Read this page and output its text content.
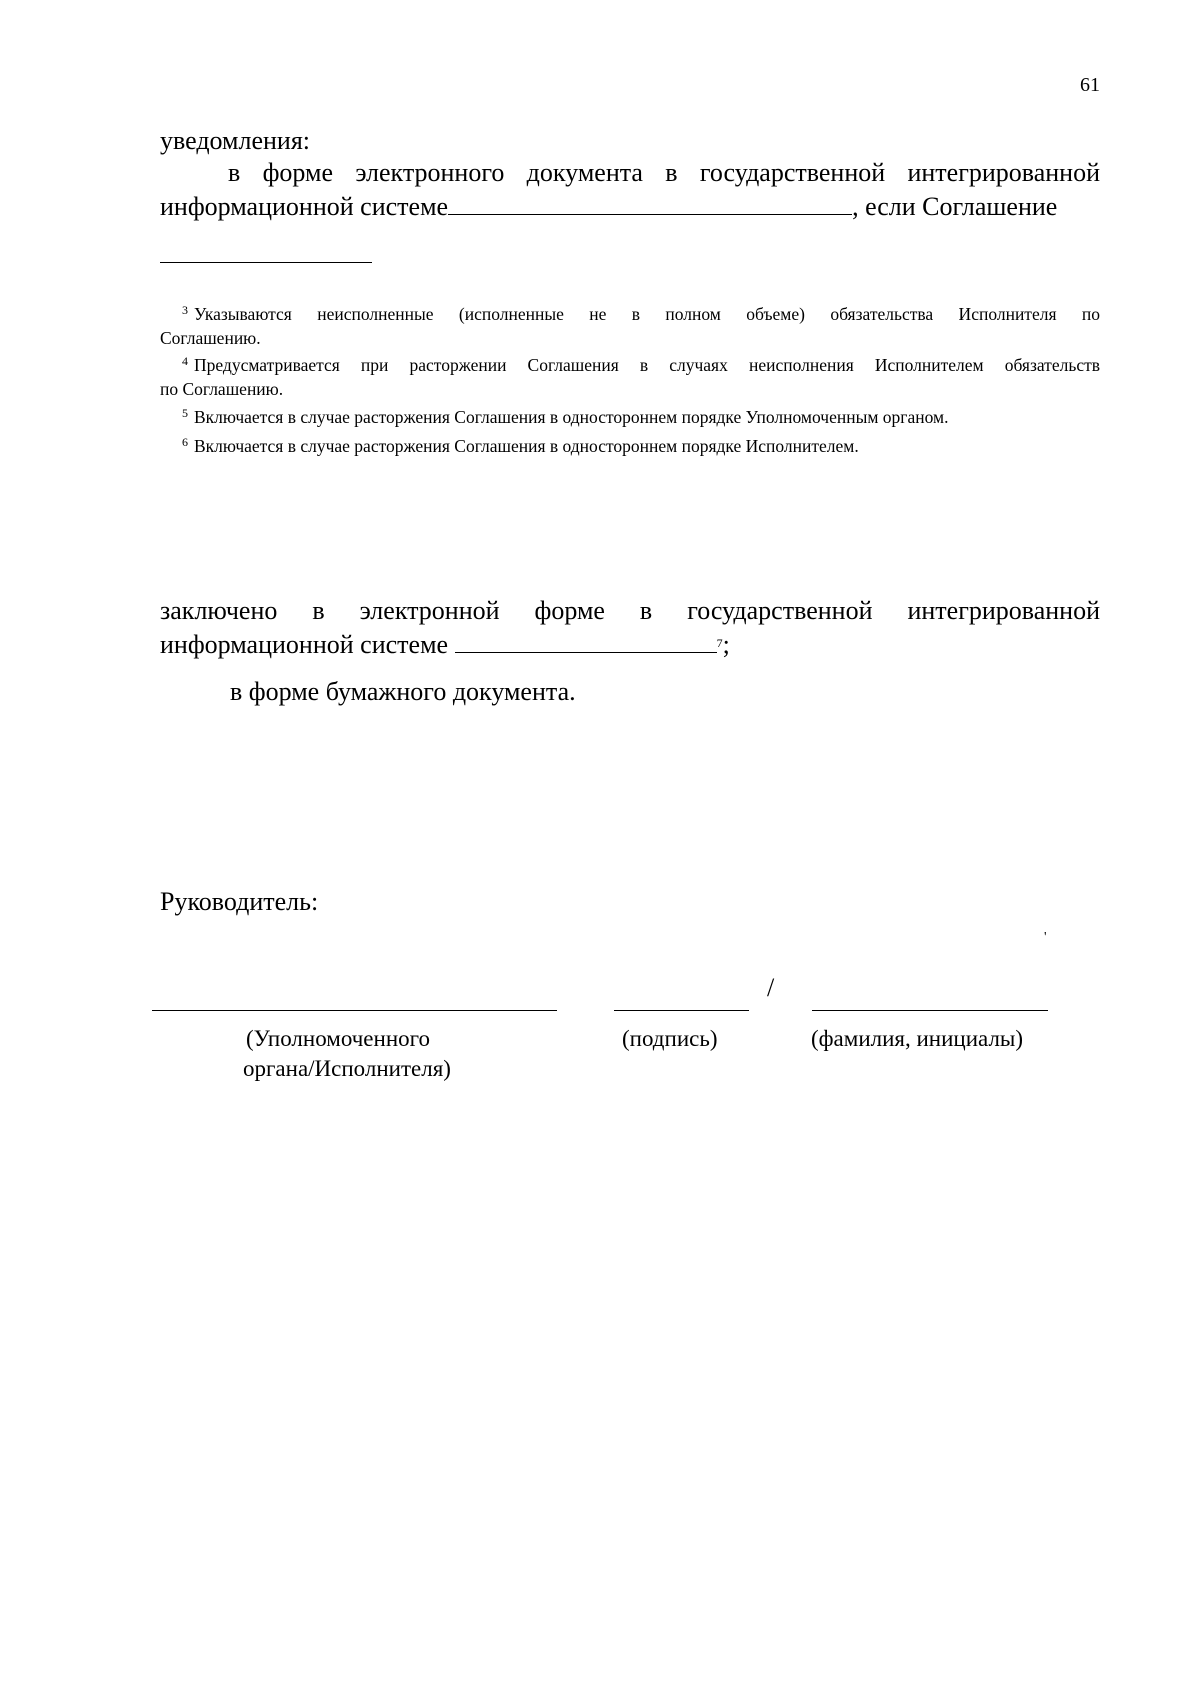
61
уведомления:
в форме электронного документа в государственной интегрированной
информационной системе	, если Соглашение
$^3$ Указываются неисполненные (исполненные не в полном объеме) обязательства Исполнителя по
Соглашению.
$^4$ Предусматривается при расторжении Соглашения в случаях неисполнения Исполнителем обязательств
по Соглашению.
$^5$ Включается в случае расторжения Соглашения в одностороннем порядке Уполномоченным органом.
$^6$ Включается в случае расторжения Соглашения в одностороннем порядке Исполнителем.
заключено в электронной форме в государственной интегрированной
информационной системе	$^7$;
в форме бумажного документа.
Руководитель:
'
/
(Уполномоченного
органа/Исполнителя)
(подпись)	(фамилия, инициалы)
